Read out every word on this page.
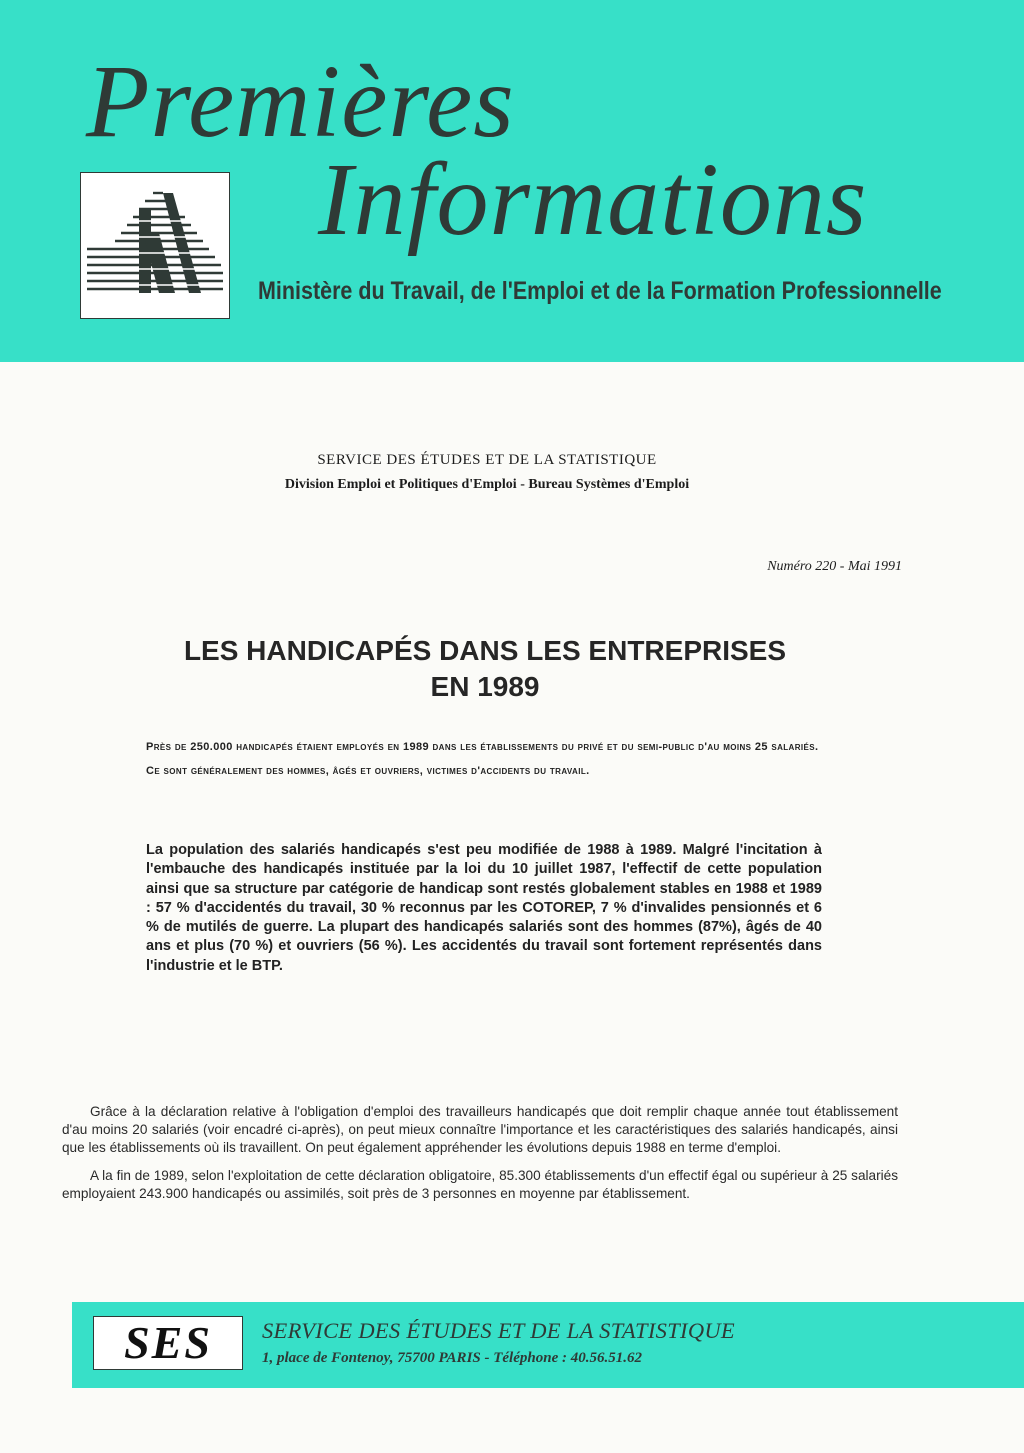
Premières
Informations
Ministère du Travail, de l'Emploi et de la Formation Professionnelle
SERVICE DES ÉTUDES ET DE LA STATISTIQUE
Division Emploi et Politiques d'Emploi - Bureau Systèmes d'Emploi
Numéro 220 - Mai 1991
LES HANDICAPÉS DANS LES ENTREPRISES
EN 1989

Près de 250.000 handicapés étaient employés en 1989 dans les établissements du privé et du semi-public d'au moins 25 salariés. Ce sont généralement des hommes, âgés et ouvriers, victimes d'accidents du travail.

La population des salariés handicapés s'est peu modifiée de 1988 à 1989. Malgré l'incitation à l'embauche des handicapés instituée par la loi du 10 juillet 1987, l'effectif de cette population ainsi que sa structure par catégorie de handicap sont restés globalement stables en 1988 et 1989 : 57 % d'accidentés du travail, 30 % reconnus par les COTOREP, 7 % d'invalides pensionnés et 6 % de mutilés de guerre. La plupart des handicapés salariés sont des hommes (87%), âgés de 40 ans et plus (70 %) et ouvriers (56 %). Les accidentés du travail sont fortement représentés dans l'industrie et le BTP.

Grâce à la déclaration relative à l'obligation d'emploi des travailleurs handicapés que doit remplir chaque année tout établissement d'au moins 20 salariés (voir encadré ci-après), on peut mieux connaître l'importance et les caractéristiques des salariés handicapés, ainsi que les établissements où ils travaillent. On peut également appréhender les évolutions depuis 1988 en terme d'emploi.

A la fin de 1989, selon l'exploitation de cette déclaration obligatoire, 85.300 établissements d'un effectif égal ou supérieur à 25 salariés employaient 243.900 handicapés ou assimilés, soit près de 3 personnes en moyenne par établissement.

SES SERVICE DES ÉTUDES ET DE LA STATISTIQUE
1, place de Fontenoy, 75700 PARIS - Téléphone : 40.56.51.62
